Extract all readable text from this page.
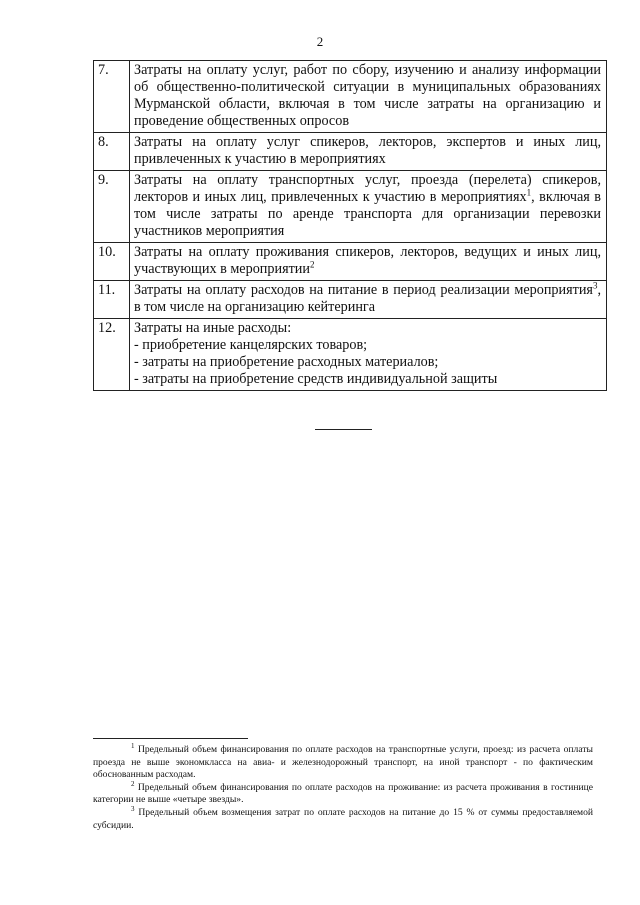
2
7.	Затраты на оплату услуг, работ по сбору, изучению и анализу информации об общественно-политической ситуации в муниципальных образованиях Мурманской области, включая в том числе затраты на организацию и проведение общественных опросов
8.	Затраты на оплату услуг спикеров, лекторов, экспертов и иных лиц, привлеченных к участию в мероприятиях
9.	Затраты на оплату транспортных услуг, проезда (перелета) спикеров, лекторов и иных лиц, привлеченных к участию в мероприятиях$^1$, включая в том числе затраты по аренде транспорта для организации перевозки участников мероприятия
10.	Затраты на оплату проживания спикеров, лекторов, ведущих и иных лиц, участвующих в мероприятии$^2$
11.	Затраты на оплату расходов на питание в период реализации мероприятия$^3$, в том числе на организацию кейтеринга
12.	Затраты на иные расходы:
- приобретение канцелярских товаров;
- затраты на приобретение расходных материалов;
- затраты на приобретение средств индивидуальной защиты

$^1$ Предельный объем финансирования по оплате расходов на транспортные услуги, проезд: из расчета оплаты проезда не выше экономкласса на авиа- и железнодорожный транспорт, на иной транспорт - по фактическим обоснованным расходам.

$^2$ Предельный объем финансирования по оплате расходов на проживание: из расчета проживания в гостинице категории не выше «четыре звезды».

$^3$ Предельный объем возмещения затрат по оплате расходов на питание до 15 % от суммы предоставляемой субсидии.
